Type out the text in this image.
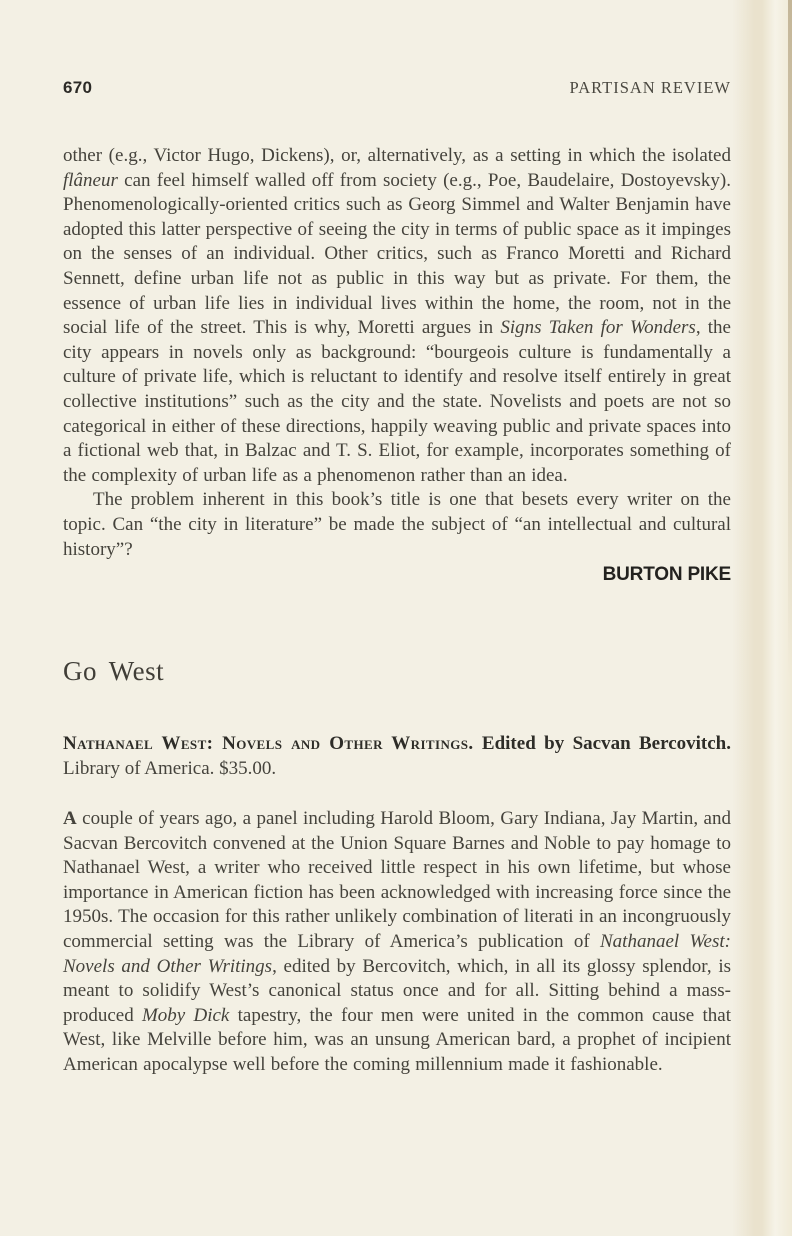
670	PARTISAN REVIEW

other (e.g., Victor Hugo, Dickens), or, alternatively, as a setting in which the isolated flâneur can feel himself walled off from society (e.g., Poe, Baudelaire, Dostoyevsky). Phenomenologically-oriented critics such as Georg Simmel and Walter Benjamin have adopted this latter perspective of seeing the city in terms of public space as it impinges on the senses of an individual. Other critics, such as Franco Moretti and Richard Sennett, define urban life not as public in this way but as private. For them, the essence of urban life lies in individual lives within the home, the room, not in the social life of the street. This is why, Moretti argues in Signs Taken for Wonders, the city appears in novels only as background: “bourgeois culture is fundamentally a culture of private life, which is reluctant to identify and resolve itself entirely in great collective institutions” such as the city and the state. Novelists and poets are not so categorical in either of these directions, happily weaving public and private spaces into a fictional web that, in Balzac and T. S. Eliot, for example, incorporates something of the complexity of urban life as a phenomenon rather than an idea.

The problem inherent in this book’s title is one that besets every writer on the topic. Can “the city in literature” be made the subject of “an intellectual and cultural history”?

BURTON PIKE
Go West

Nathanael West: Novels and Other Writings. Edited by Sacvan Bercovitch. Library of America. $35.00.

A couple of years ago, a panel including Harold Bloom, Gary Indiana, Jay Martin, and Sacvan Bercovitch convened at the Union Square Barnes and Noble to pay homage to Nathanael West, a writer who received little respect in his own lifetime, but whose importance in American fiction has been acknowledged with increasing force since the 1950s. The occasion for this rather unlikely combination of literati in an incongruously commercial setting was the Library of America’s publication of Nathanael West: Novels and Other Writings, edited by Bercovitch, which, in all its glossy splendor, is meant to solidify West’s canonical status once and for all. Sitting behind a mass-produced Moby Dick tapestry, the four men were united in the common cause that West, like Melville before him, was an unsung American bard, a prophet of incipient American apocalypse well before the coming millennium made it fashionable.
